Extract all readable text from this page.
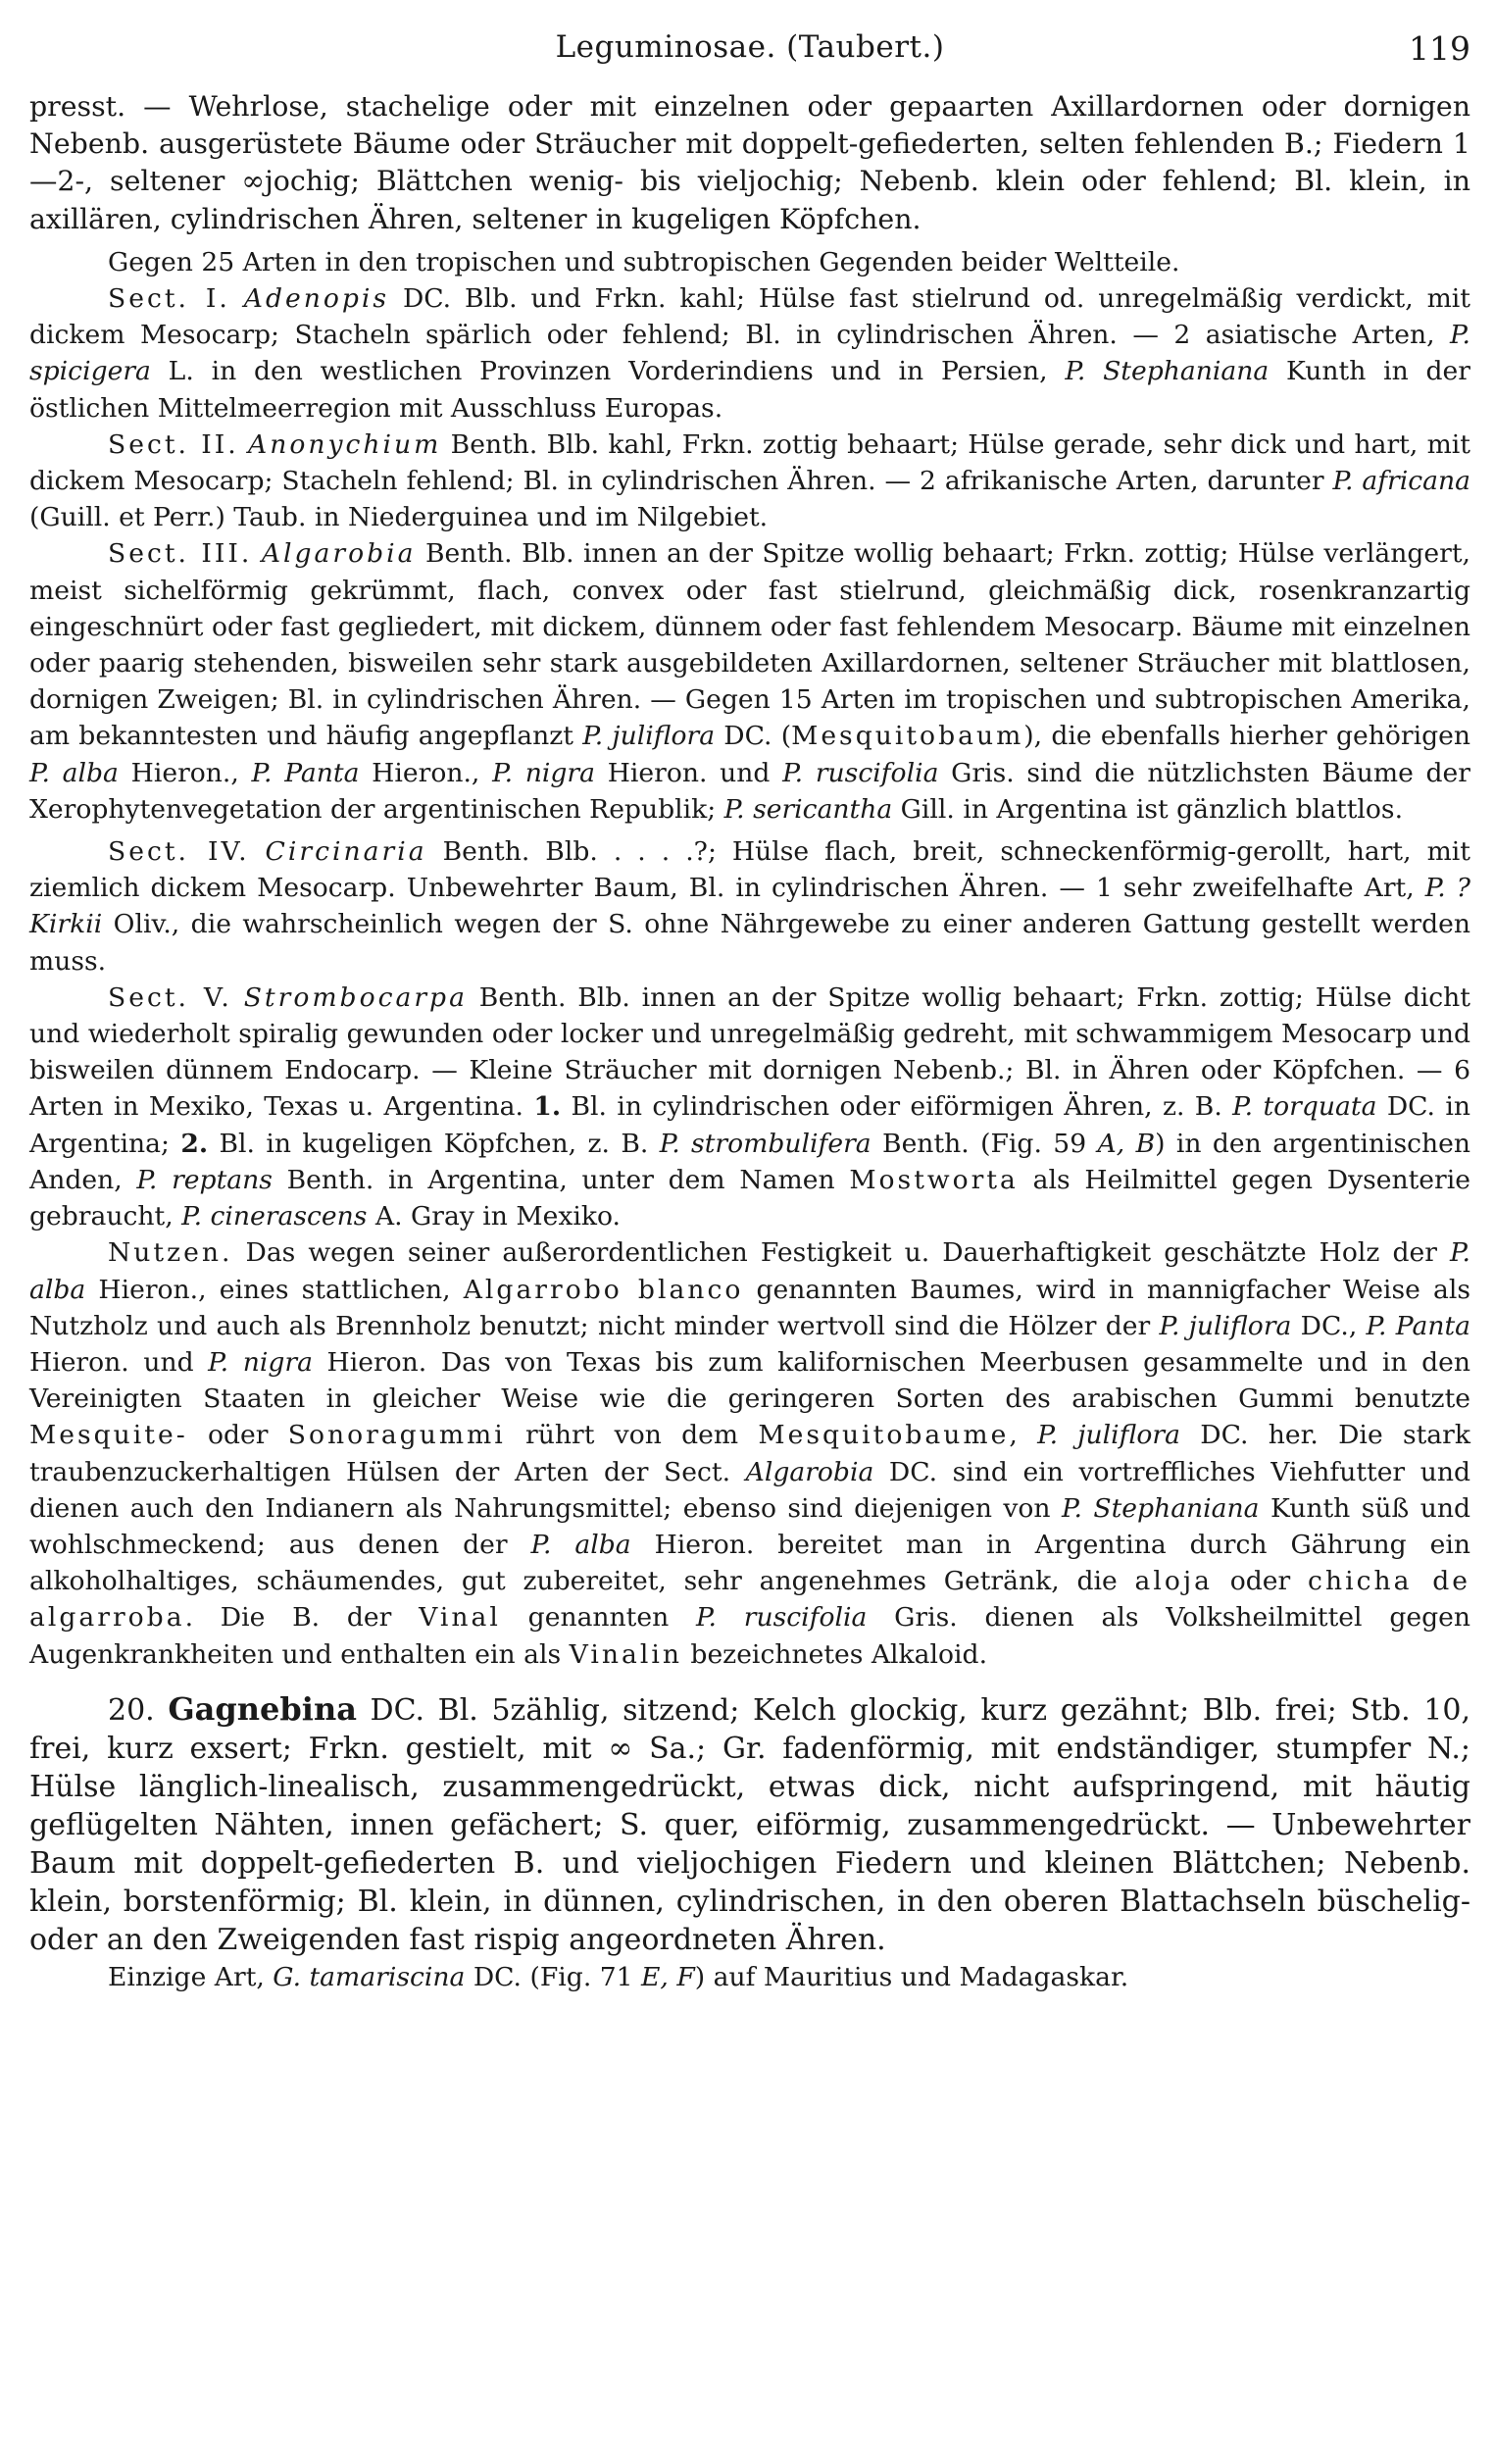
Leguminosae. (Taubert.)	119

presst. — Wehrlose, stachelige oder mit einzelnen oder gepaarten Axillardornen oder dornigen Nebenb. ausgerüstete Bäume oder Sträucher mit doppelt-gefiederten, selten fehlenden B.; Fiedern 1—2-, seltener ∞jochig; Blättchen wenig- bis vieljochig; Nebenb. klein oder fehlend; Bl. klein, in axillären, cylindrischen Ähren, seltener in kugeligen Köpfchen.

Gegen 25 Arten in den tropischen und subtropischen Gegenden beider Weltteile.

Sect. I. Adenopis DC. Blb. und Frkn. kahl; Hülse fast stielrund od. unregelmäßig verdickt, mit dickem Mesocarp; Stacheln spärlich oder fehlend; Bl. in cylindrischen Ähren. — 2 asiatische Arten, P. spicigera L. in den westlichen Provinzen Vorderindiens und in Persien, P. Stephaniana Kunth in der östlichen Mittelmeerregion mit Ausschluss Europas.

Sect. II. Anonychium Benth. Blb. kahl, Frkn. zottig behaart; Hülse gerade, sehr dick und hart, mit dickem Mesocarp; Stacheln fehlend; Bl. in cylindrischen Ähren. — 2 afrikanische Arten, darunter P. africana (Guill. et Perr.) Taub. in Niederguinea und im Nilgebiet.

Sect. III. Algarobia Benth. Blb. innen an der Spitze wollig behaart; Frkn. zottig; Hülse verlängert, meist sichelförmig gekrümmt, flach, convex oder fast stielrund, gleichmäßig dick, rosenkranzartig eingeschnürt oder fast gegliedert, mit dickem, dünnem oder fast fehlendem Mesocarp. Bäume mit einzelnen oder paarig stehenden, bisweilen sehr stark ausgebildeten Axillardornen, seltener Sträucher mit blattlosen, dornigen Zweigen; Bl. in cylindrischen Ähren. — Gegen 15 Arten im tropischen und subtropischen Amerika, am bekanntesten und häufig angepflanzt P. juliflora DC. (Mesquitobaum), die ebenfalls hierher gehörigen P. alba Hieron., P. Panta Hieron., P. nigra Hieron. und P. ruscifolia Gris. sind die nützlichsten Bäume der Xerophytenvegetation der argentinischen Republik; P. sericantha Gill. in Argentina ist gänzlich blattlos.

Sect. IV. Circinaria Benth. Blb. . . . .?; Hülse flach, breit, schneckenförmig-gerollt, hart, mit ziemlich dickem Mesocarp. Unbewehrter Baum, Bl. in cylindrischen Ähren. — 1 sehr zweifelhafte Art, P. ? Kirkii Oliv., die wahrscheinlich wegen der S. ohne Nährgewebe zu einer anderen Gattung gestellt werden muss.

Sect. V. Strombocarpa Benth. Blb. innen an der Spitze wollig behaart; Frkn. zottig; Hülse dicht und wiederholt spiralig gewunden oder locker und unregelmäßig gedreht, mit schwammigem Mesocarp und bisweilen dünnem Endocarp. — Kleine Sträucher mit dornigen Nebenb.; Bl. in Ähren oder Köpfchen. — 6 Arten in Mexiko, Texas u. Argentina. 1. Bl. in cylindrischen oder eiförmigen Ähren, z. B. P. torquata DC. in Argentina; 2. Bl. in kugeligen Köpfchen, z. B. P. strombulifera Benth. (Fig. 59 A, B) in den argentinischen Anden, P. reptans Benth. in Argentina, unter dem Namen Mostworta als Heilmittel gegen Dysenterie gebraucht, P. cinerascens A. Gray in Mexiko.

Nutzen. Das wegen seiner außerordentlichen Festigkeit u. Dauerhaftigkeit geschätzte Holz der P. alba Hieron., eines stattlichen, Algarrobo blanco genannten Baumes, wird in mannigfacher Weise als Nutzholz und auch als Brennholz benutzt; nicht minder wertvoll sind die Hölzer der P. juliflora DC., P. Panta Hieron. und P. nigra Hieron. Das von Texas bis zum kalifornischen Meerbusen gesammelte und in den Vereinigten Staaten in gleicher Weise wie die geringeren Sorten des arabischen Gummi benutzte Mesquite- oder Sonoragummi rührt von dem Mesquitobaume, P. juliflora DC. her. Die stark traubenzuckerhaltigen Hülsen der Arten der Sect. Algarobia DC. sind ein vortreffliches Viehfutter und dienen auch den Indianern als Nahrungsmittel; ebenso sind diejenigen von P. Stephaniana Kunth süß und wohlschmeckend; aus denen der P. alba Hieron. bereitet man in Argentina durch Gährung ein alkoholhaltiges, schäumendes, gut zubereitet, sehr angenehmes Getränk, die aloja oder chicha de algarroba. Die B. der Vinal genannten P. ruscifolia Gris. dienen als Volksheilmittel gegen Augenkrankheiten und enthalten ein als Vinalin bezeichnetes Alkaloid.

20. Gagnebina DC. Bl. 5zählig, sitzend; Kelch glockig, kurz gezähnt; Blb. frei; Stb. 10, frei, kurz exsert; Frkn. gestielt, mit ∞ Sa.; Gr. fadenförmig, mit endständiger, stumpfer N.; Hülse länglich-linealisch, zusammengedrückt, etwas dick, nicht aufspringend, mit häutig geflügelten Nähten, innen gefächert; S. quer, eiförmig, zusammengedrückt. — Unbewehrter Baum mit doppelt-gefiederten B. und vieljochigen Fiedern und kleinen Blättchen; Nebenb. klein, borstenförmig; Bl. klein, in dünnen, cylindrischen, in den oberen Blattachseln büschelig- oder an den Zweigenden fast rispig angeordneten Ähren.

Einzige Art, G. tamariscina DC. (Fig. 71 E, F) auf Mauritius und Madagaskar.
